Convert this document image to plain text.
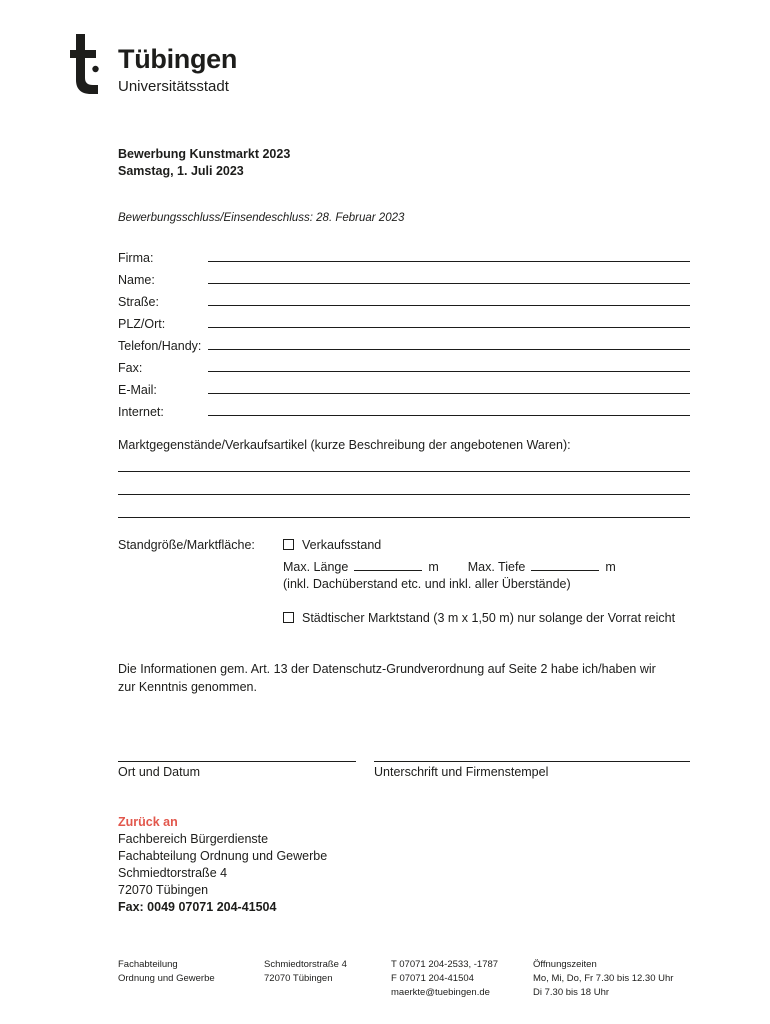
Tübingen
Universitätsstadt
Bewerbung Kunstmarkt 2023
Samstag, 1. Juli 2023
Bewerbungsschluss/Einsendeschluss: 28. Februar 2023
Firma:
Name:
Straße:
PLZ/Ort:
Telefon/Handy:
Fax:
E-Mail:
Internet:
Marktgegenstände/Verkaufsartikel (kurze Beschreibung der angebotenen Waren):
Standgröße/Marktfläche:	Verkaufsstand
Max. Länge	m Max. Tiefe	m
(inkl. Dachüberstand etc. und inkl. aller Überstände)
Städtischer Marktstand (3 m x 1,50 m) nur solange der Vorrat reicht
Die Informationen gem. Art. 13 der Datenschutz-Grundverordnung auf Seite 2 habe ich/haben wir
zur Kenntnis genommen.
Ort und Datum	Unterschrift und Firmenstempel
Zurück an
Fachbereich Bürgerdienste
Fachabteilung Ordnung und Gewerbe
Schmiedtorstraße 4
72070 Tübingen
Fax: 0049 07071 204-41504
Fachabteilung
Ordnung und Gewerbe
Schmiedtorstraße 4
72070 Tübingen
T 07071 204-2533, -1787
F 07071 204-41504
maerkte@tuebingen.de
Öffnungszeiten
Mo, Mi, Do, Fr 7.30 bis 12.30 Uhr
Di 7.30 bis 18 Uhr
